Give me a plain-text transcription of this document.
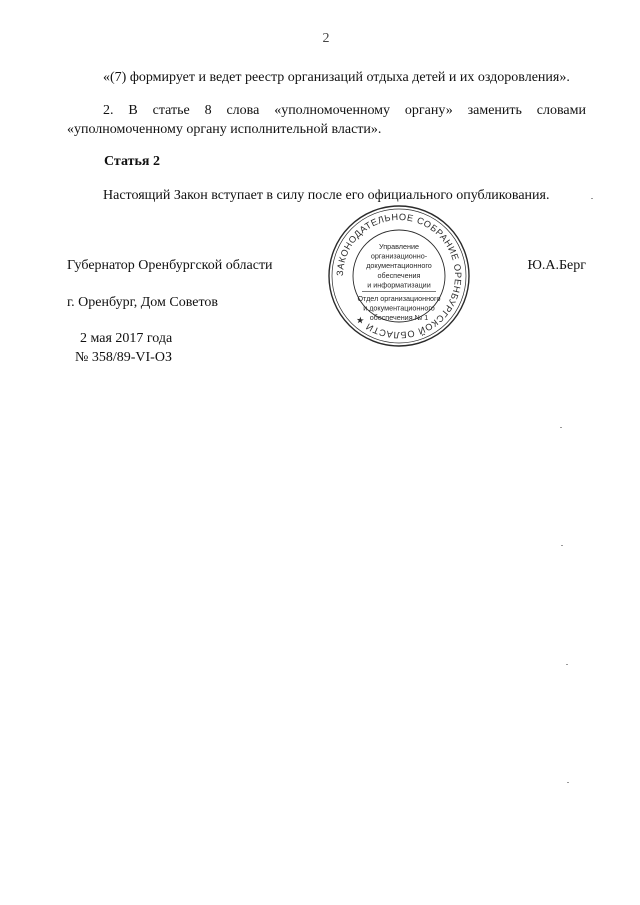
2
«(7) формирует и ведет реестр организаций отдыха детей и их оздоровления».
2. В статье 8 слова «уполномоченному органу» заменить словами «уполномоченному органу исполнительной власти».
Статья 2
Настоящий Закон вступает в силу после его официального опубликования.
Губернатор Оренбургской области	Ю.А.Берг
г. Оренбург, Дом Советов
2 мая 2017 года
№ 358/89-VI-ОЗ
ЗАКОНОДАТЕЛЬНОЕ СОБРАНИЕ ОРЕНБУРГСКОЙ ОБЛАСТИ ★
Управление
организационно-
документационного
обеспечения
и информатизации
Отдел организационного
и документационного
обеспечения № 1
